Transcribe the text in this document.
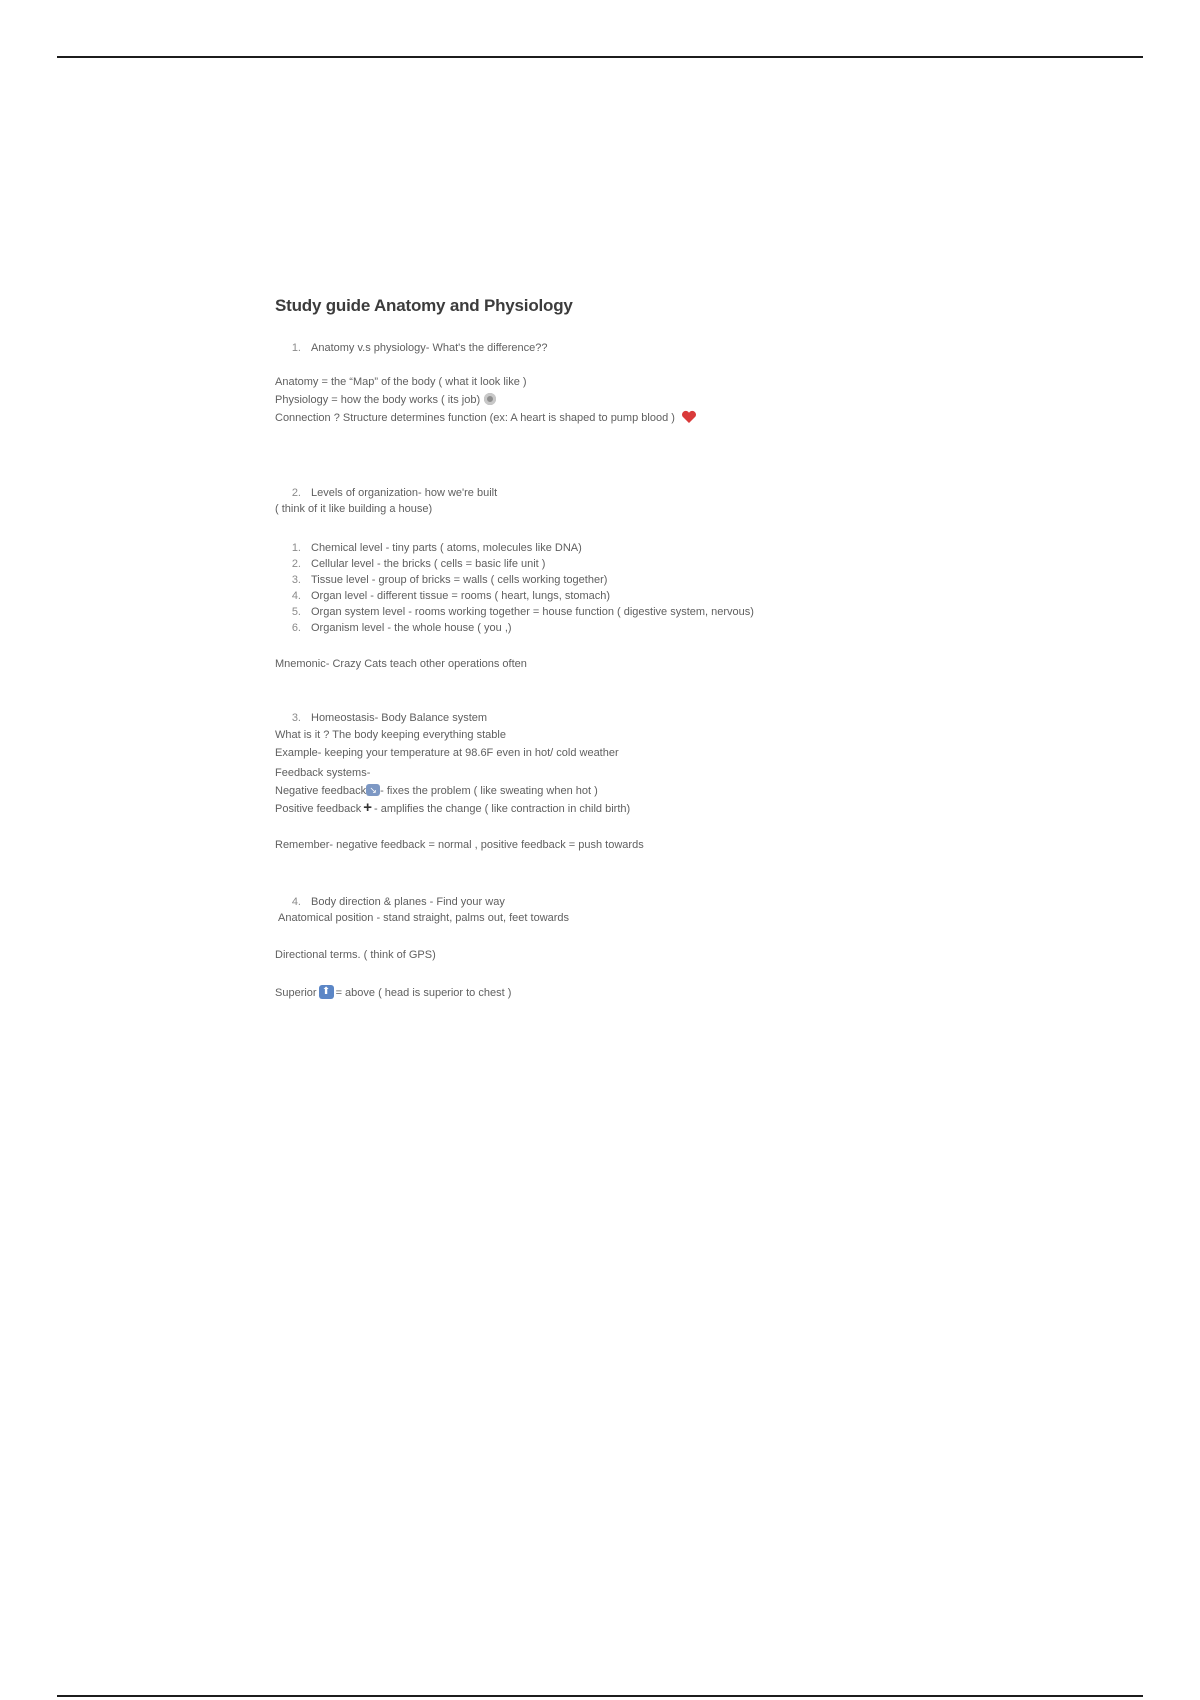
Study guide Anatomy and Physiology
1. Anatomy v.s physiology- What's the difference??
Anatomy = the “Map” of the body ( what it look like )
Physiology = how the body works ( its job)
Connection ? Structure determines function (ex: A heart is shaped to pump blood )
2. Levels of organization- how we're built
( think of it like building a house)
1. Chemical level - tiny parts ( atoms, molecules like DNA)
2. Cellular level - the bricks ( cells = basic life unit )
3. Tissue level - group of bricks = walls ( cells working together)
4. Organ level - different tissue = rooms ( heart, lungs, stomach)
5. Organ system level - rooms working together = house function ( digestive system, nervous)
6. Organism level - the whole house ( you ,)
Mnemonic- Crazy Cats teach other operations often
3. Homeostasis- Body Balance system
What is it ? The body keeping everything stable
Example- keeping your temperature at 98.6F even in hot/ cold weather
Feedback systems-
Negative feedback ↘ - fixes the problem ( like sweating when hot )
Positive feedback + - amplifies the change ( like contraction in child birth)
Remember- negative feedback = normal , positive feedback = push towards
4. Body direction & planes - Find your way
Anatomical position - stand straight, palms out, feet towards
Directional terms. ( think of GPS)
Superior ⬆ = above ( head is superior to chest )
